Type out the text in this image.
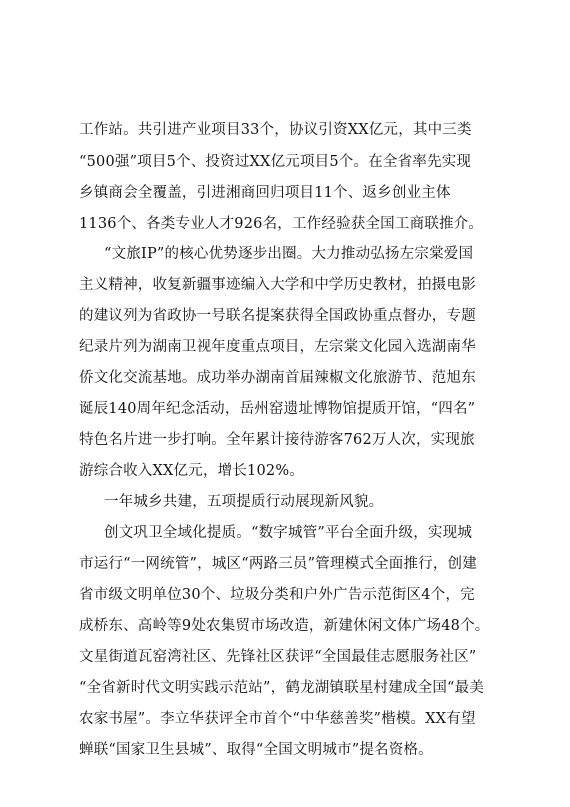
工作站。共引进产业项目33个，协议引资XX亿元，其中三类
“500强”项目5个、投资过XX亿元项目5个。在全省率先实现
乡镇商会全覆盖，引进湘商回归项目11个、返乡创业主体
1136个、各类专业人才926名，工作经验获全国工商联推介。
“文旅IP”的核心优势逐步出圈。大力推动弘扬左宗棠爱国
主义精神，收复新疆事迹编入大学和中学历史教材，拍摄电影
的建议列为省政协一号联名提案获得全国政协重点督办，专题
纪录片列为湖南卫视年度重点项目，左宗棠文化园入选湖南华
侨文化交流基地。成功举办湖南首届辣椒文化旅游节、范旭东
诞辰140周年纪念活动，岳州窑遗址博物馆提质开馆，“四名”
特色名片进一步打响。全年累计接待游客762万人次，实现旅
游综合收入XX亿元，增长102%。
一年城乡共建，五项提质行动展现新风貌。
创文巩卫全域化提质。“数字城管”平台全面升级，实现城
市运行“一网统管”，城区“两路三员”管理模式全面推行，创建
省市级文明单位30个、垃圾分类和户外广告示范街区4个，完
成桥东、高岭等9处农集贸市场改造，新建休闲文体广场48个。
文星街道瓦窑湾社区、先锋社区获评“全国最佳志愿服务社区”
“全省新时代文明实践示范站”，鹤龙湖镇联星村建成全国“最美
农家书屋”。李立华获评全市首个“中华慈善奖”楷模。XX有望
蝉联“国家卫生县城”、取得“全国文明城市”提名资格。
